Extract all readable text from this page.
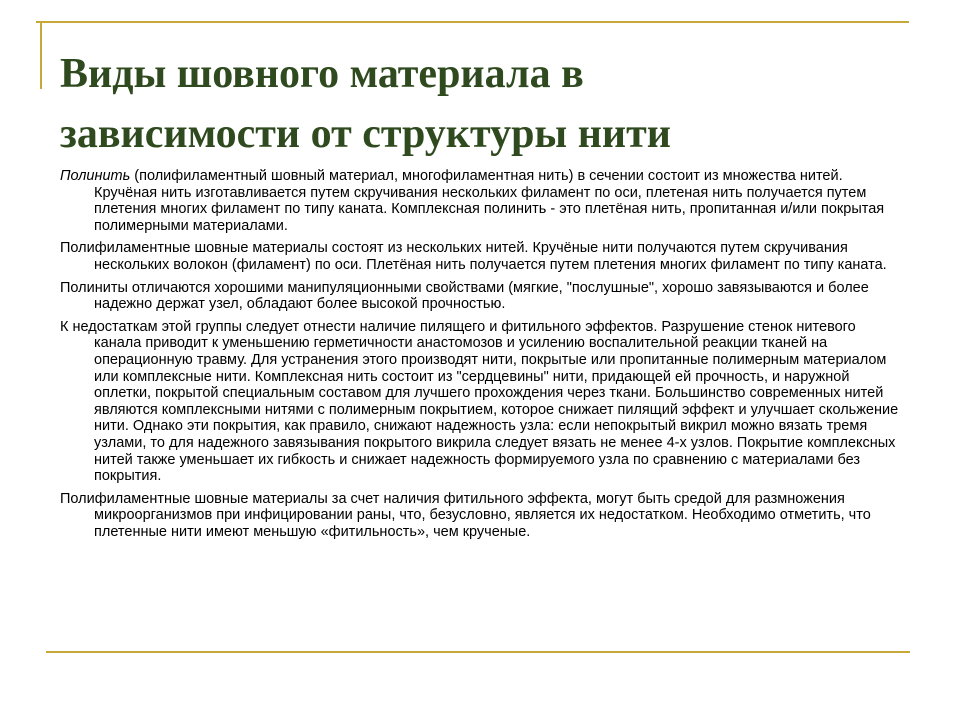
Виды шовного материала в
зависимости от структуры нити

Полинить (полифиламентный шовный материал, многофиламентная нить) в сечении состоит из множества нитей. Кручёная нить изготавливается путем скручивания нескольких филамент по оси, плетеная нить получается путем плетения многих филамент по типу каната. Комплексная полинить - это плетёная нить, пропитанная и/или покрытая полимерными материалами.

Полифиламентные шовные материалы состоят из нескольких нитей. Кручёные нити получаются путем скручивания нескольких волокон (филамент) по оси. Плетёная нить получается путем плетения многих филамент по типу каната.

Полиниты отличаются хорошими манипуляционными свойствами (мягкие, "послушные", хорошо завязываются и более надежно держат узел, обладают более высокой прочностью.

К недостаткам этой группы следует отнести наличие пилящего и фитильного эффектов. Разрушение стенок нитевого канала приводит к уменьшению герметичности анастомозов и усилению воспалительной реакции тканей на операционную травму. Для устранения этого производят нити, покрытые или пропитанные полимерным материалом или комплексные нити. Комплексная нить состоит из "сердцевины" нити, придающей ей прочность, и наружной оплетки, покрытой специальным составом для лучшего прохождения через ткани. Большинство современных нитей являются комплексными нитями с полимерным покрытием, которое снижает пилящий эффект и улучшает скольжение нити. Однако эти покрытия, как правило, снижают надежность узла: если непокрытый викрил можно вязать тремя узлами, то для надежного завязывания покрытого викрила следует вязать не менее 4-х узлов. Покрытие комплексных нитей также уменьшает их гибкость и снижает надежность формируемого узла по сравнению с материалами без покрытия.

Полифиламентные шовные материалы за счет наличия фитильного эффекта, могут быть средой для размножения микроорганизмов при инфицировании раны, что, безусловно, является их недостатком. Необходимо отметить, что плетенные нити имеют меньшую «фитильность», чем крученые.
